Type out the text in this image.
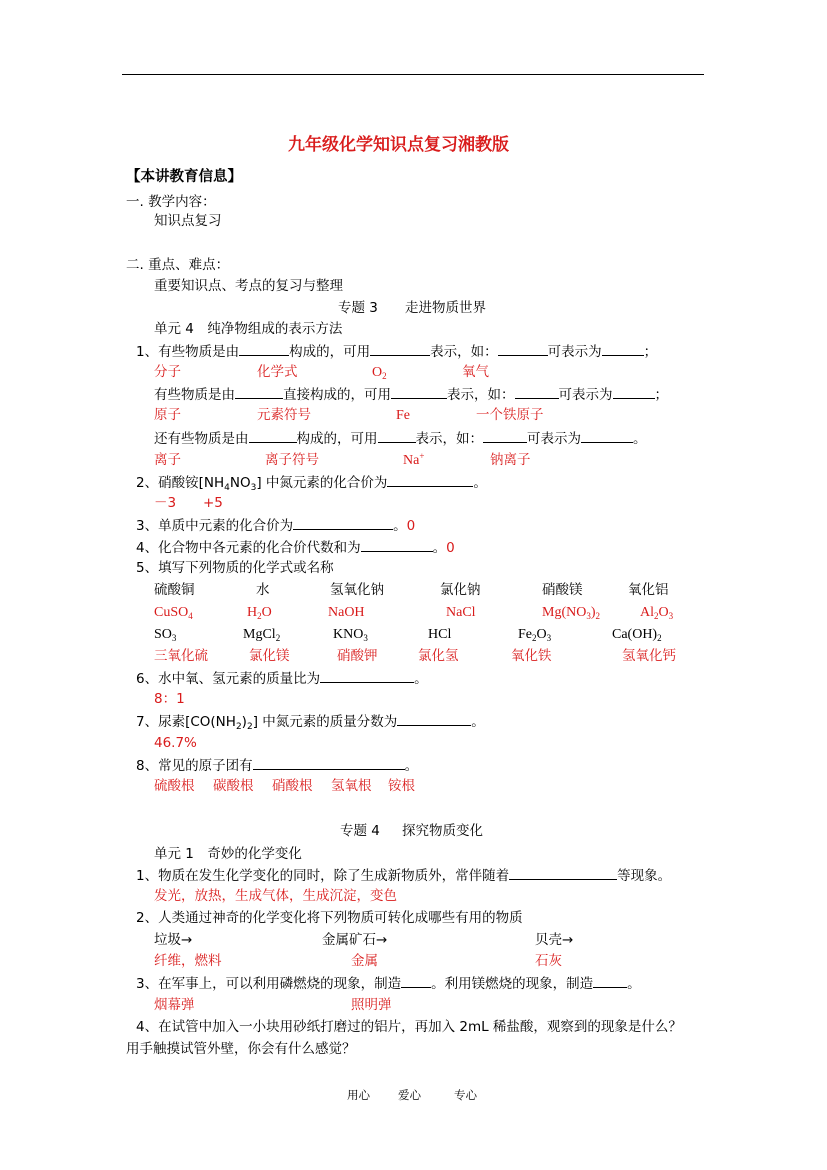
九年级化学知识点复习湘教版
【本讲教育信息】
一. 教学内容：
知识点复习
二. 重点、难点：
重要知识点、考点的复习与整理
专题 3 走进物质世界
单元 4　纯净物组成的表示方法
1、有些物质是由	构成的，可用	表示，如：	可表示为	；
分子	化学式	$O_2$	氧气
有些物质是由	直接构成的，可用	表示，如：	可表示为	；
原子	元素符号	Fe	一个铁原子
还有些物质是由	构成的，可用	表示，如：	可表示为	。
离子	离子符号	Na+	钠离子
2、硝酸铵$[NH_4NO_3]$ 中氮元素的化合价为	。
－3 +5
3、单质中元素的化合价为	。0
4、化合物中各元素的化合价代数和为	。0
5、填写下列物质的化学式或名称
硫酸铜	水	氢氧化钠	氯化钠	硝酸镁	氧化铝
CuSO$_4$	$H_2O$	NaOH	NaCl	$Mg(NO_3)_2$	$Al_2O_3$
$SO_3$	MgCl$_2$	$KNO_3$	HCl	$Fe_2O_3$	$Ca(OH)_2$
三氧化硫	氯化镁	硝酸钾	氯化氢	氧化铁	氢氧化钙
6、水中氧、氢元素的质量比为	。
8：1
7、尿素$[CO(NH_2)_2]$ 中氮元素的质量分数为	。
46.7%
8、常见的原子团有	。
硫酸根 碳酸根 硝酸根 氢氧根 铵根
专题 4 探究物质变化
单元 1　奇妙的化学变化
1、物质在发生化学变化的同时，除了生成新物质外，常伴随着	等现象。
发光，放热，生成气体，生成沉淀，变色
2、人类通过神奇的化学变化将下列物质可转化成哪些有用的物质
垃圾→	金属矿石→	贝壳→
纤维，燃料	金属	石灰
3、在军事上，可以利用磷燃烧的现象，制造 。利用镁燃烧的现象，制造	。
烟幕弹	照明弹
4、在试管中加入一小块用砂纸打磨过的铝片，再加入 2mL 稀盐酸，观察到的现象是什么？
用手触摸试管外壁，你会有什么感觉？
用心 爱心	专心
